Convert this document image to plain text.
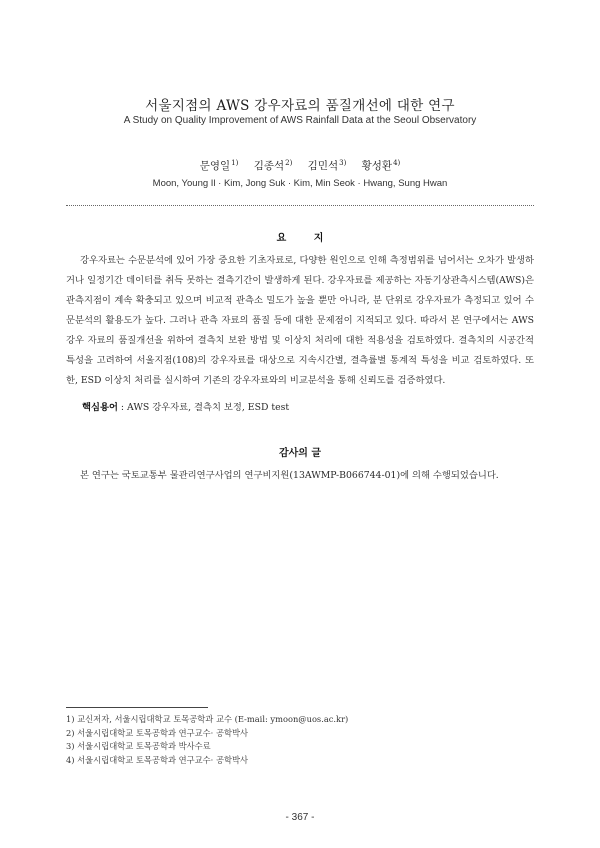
서울지점의 AWS 강우자료의 품질개선에 대한 연구
A Study on Quality Improvement of AWS Rainfall Data at the Seoul Observatory
문영일$^{1)}$ 김종석$^{2)}$ 김민석$^{3)}$ 황성환$^{4)}$
Moon, Young Il · Kim, Jong Suk · Kim, Min Seok · Hwang, Sung Hwan
요 지

강우자료는 수문분석에 있어 가장 중요한 기초자료로, 다양한 원인으로 인해 측정범위를 넘어서는 오차가 발생하거나 일정기간 데이터를 취득 못하는 결측기간이 발생하게 된다. 강우자료를 제공하는 자동기상관측시스템(AWS)은 관측지점이 계속 확충되고 있으며 비교적 관측소 밀도가 높을 뿐만 아니라, 분 단위로 강우자료가 측정되고 있어 수문분석의 활용도가 높다. 그러나 관측 자료의 품질 등에 대한 문제점이 지적되고 있다. 따라서 본 연구에서는 AWS 강우 자료의 품질개선을 위하여 결측치 보완 방법 및 이상치 처리에 대한 적용성을 검토하였다. 결측치의 시공간적 특성을 고려하여 서울지점(108)의 강우자료를 대상으로 지속시간별, 결측률별 통계적 특성을 비교 검토하였다. 또한, ESD 이상치 처리를 실시하여 기존의 강우자료와의 비교분석을 통해 신뢰도를 검증하였다.

핵심용어 : AWS 강우자료, 결측치 보정, ESD test
감사의 글

본 연구는 국토교통부 물관리연구사업의 연구비지원(13AWMP-B066744-01)에 의해 수행되었습니다.

1) 교신저자, 서울시립대학교 토목공학과 교수 (E-mail: ymoon@uos.ac.kr)
2) 서울시립대학교 토목공학과 연구교수· 공학박사
3) 서울시립대학교 토목공학과 박사수료
4) 서울시립대학교 토목공학과 연구교수· 공학박사
- 367 -
